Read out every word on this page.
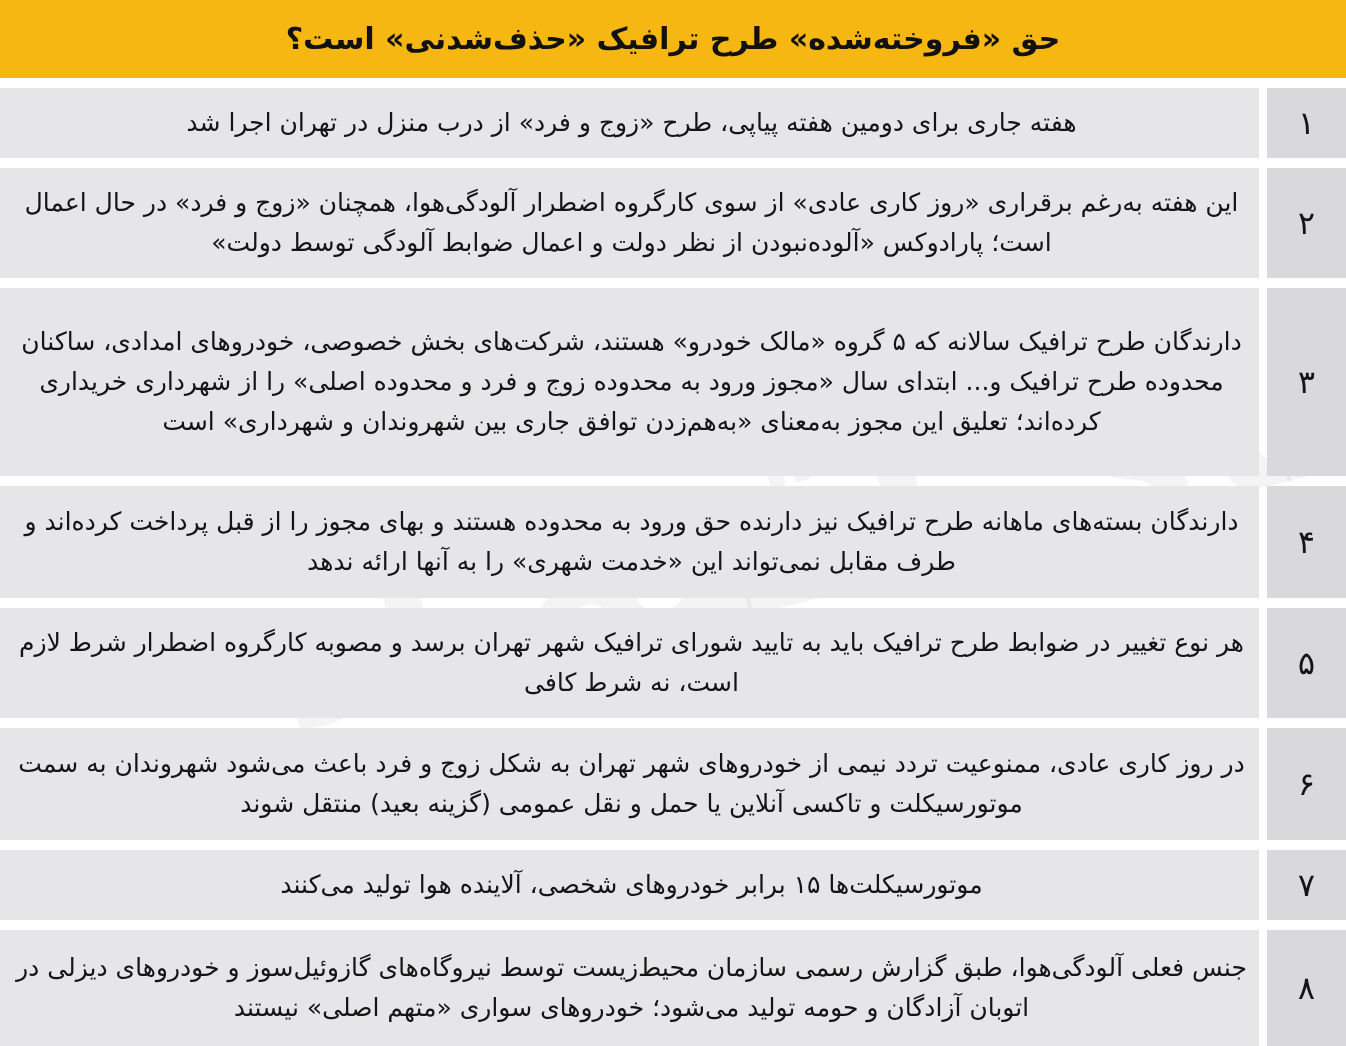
حق «فروخته‌شده» طرح ترافیک «حذف‌شدنی» است؟
هفته جاری برای دومین هفته پیاپی، طرح «زوج و فرد» از درب منزل در تهران اجرا شد	۱
این هفته به‌رغم برقراری «روز کاری عادی» از سوی کارگروه اضطرار آلودگی‌هوا، همچنان «زوج و فرد» در حال اعمال است؛ پارادوکس «آلوده‌نبودن از نظر دولت و اعمال ضوابط آلودگی توسط دولت»
۲
دارندگان طرح ترافیک سالانه که ۵ گروه «مالک خودرو» هستند، شرکت‌های بخش خصوصی، خودروهای امدادی، ساکنان محدوده طرح ترافیک و... ابتدای سال «مجوز ورود به محدوده زوج و فرد و محدوده اصلی» را از شهرداری خریداری کرده‌اند؛ تعلیق این مجوز به‌معنای «به‌هم‌زدن توافق جاری بین شهروندان و شهرداری» است
۳
دارندگان بسته‌های ماهانه طرح ترافیک نیز دارنده حق ورود به محدوده هستند و بهای مجوز را از قبل پرداخت کرده‌اند و طرف مقابل نمی‌تواند این «خدمت شهری» را به آنها ارائه ندهد
۴
هر نوع تغییر در ضوابط طرح ترافیک باید به تایید شورای ترافیک شهر تهران برسد و مصوبه کارگروه اضطرار شرط لازم است، نه شرط کافی
۵
در روز کاری عادی، ممنوعیت تردد نیمی از خودروهای شهر تهران به شکل زوج و فرد باعث می‌شود شهروندان به سمت موتورسیکلت و تاکسی آنلاین یا حمل و نقل عمومی (گزینه بعید) منتقل شوند
۶
موتورسیکلت‌ها ۱۵ برابر خودروهای شخصی، آلاینده هوا تولید می‌کنند	۷
جنس فعلی آلودگی‌هوا، طبق گزارش رسمی سازمان محیط‌زیست توسط نیروگاه‌های گازوئیل‌سوز و خودروهای دیزلی در اتوبان آزادگان و حومه تولید می‌شود؛ خودروهای سواری «متهم اصلی» نیستند
۸
